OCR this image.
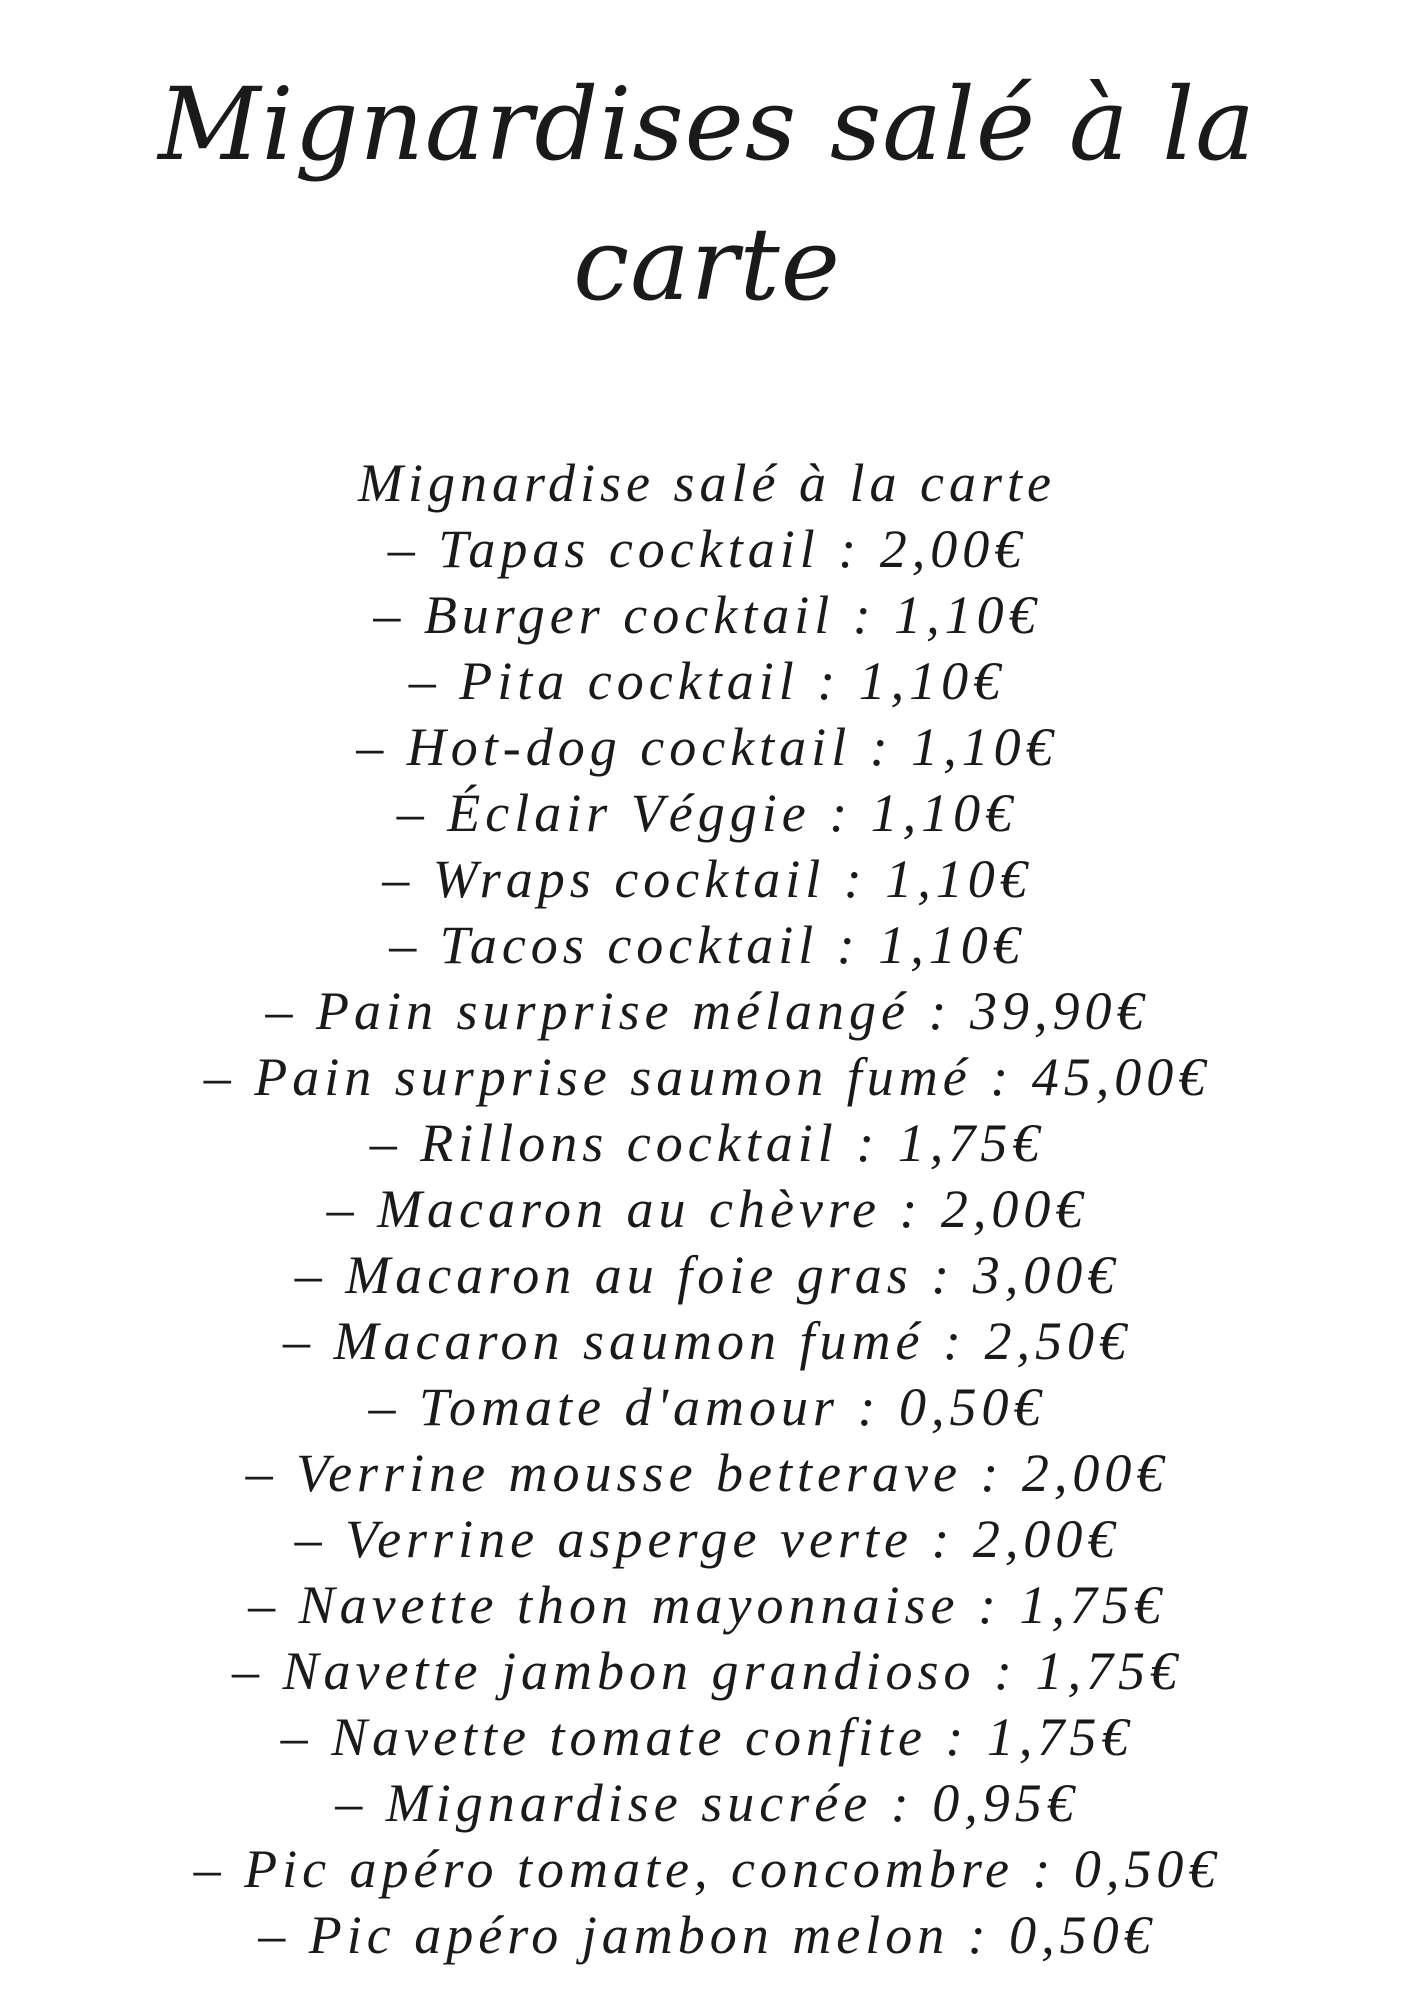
Mignardises salé à la
carte
Mignardise salé à la carte
– Tapas cocktail : 2,00€
– Burger cocktail : 1,10€
– Pita cocktail : 1,10€
– Hot-dog cocktail : 1,10€
– Éclair Véggie : 1,10€
– Wraps cocktail : 1,10€
– Tacos cocktail : 1,10€
– Pain surprise mélangé : 39,90€
– Pain surprise saumon fumé : 45,00€
– Rillons cocktail : 1,75€
– Macaron au chèvre : 2,00€
– Macaron au foie gras : 3,00€
– Macaron saumon fumé : 2,50€
– Tomate d'amour : 0,50€
– Verrine mousse betterave : 2,00€
– Verrine asperge verte : 2,00€
– Navette thon mayonnaise : 1,75€
– Navette jambon grandioso : 1,75€
– Navette tomate confite : 1,75€
– Mignardise sucrée : 0,95€
– Pic apéro tomate, concombre : 0,50€
– Pic apéro jambon melon : 0,50€
